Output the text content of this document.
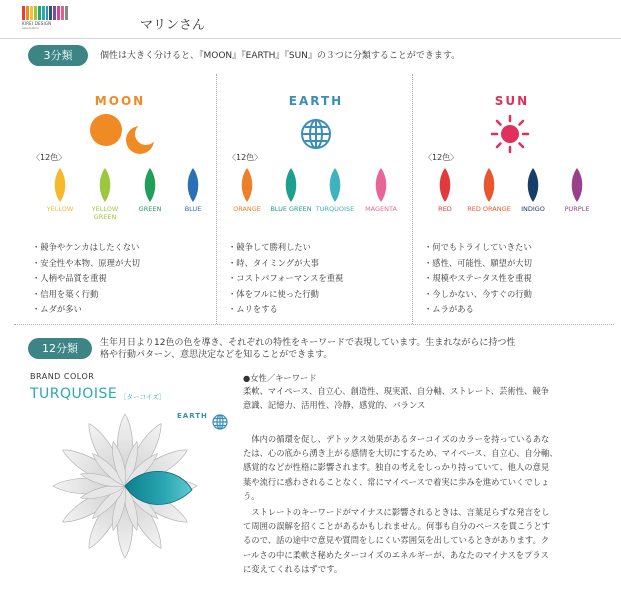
KIREI DESIGN
association	マリンさん
3分類	個性は大きく分けると、『MOON』『EARTH』『SUN』の３つに分類することができます。
MOON
〈12色〉
YELLOW	YELLOW GREEN
GREEN	BLUE
・競争やケンカはしたくない
・安全性や本物、原理が大切
・人柄や品質を重視
・信用を築く行動
・ムダが多い
EARTH
〈12色〉
ORANGE	BLUE GREEN TURQUOISE	MAGENTA
・競争して勝利したい
・時、タイミングが大事
・コストパフォーマンスを重視
・体をフルに使った行動
・ムリをする
SUN
〈12色〉
RED	RED ORANGE	INDIGO	PURPLE
・何でもトライしていきたい
・感性、可能性、願望が大切
・規模やステータス性を重視
・今しかない、今すぐの行動
・ムラがある
12分類	生年月日より12色の色を導き、それぞれの特性をキーワードで表現しています。生まれながらに持つ性
格や行動パターン、意思決定などを知ることができます。
BRAND COLOR
TURQUOISE ［ターコイズ］
EARTH
●女性／キーワード
柔軟、マイペース、自立心、創造性、現実派、自分軸、ストレート、芸術性、競争
意識、記憶力、活用性、冷静、感覚的、バランス
体内の循環を促し、デトックス効果があるターコイズのカラーを持っているあな
たは、心の底から湧き上がる感情を大切にするため、マイペース、自立心、自分軸、
感覚的などが性格に影響されます。独自の考えをしっかり持っていて、他人の意見
葉や流行に惑わされることなく、常にマイペースで着実に歩みを進めていくでしょ
う。
ストレートのキーワードがマイナスに影響されるときは、言葉足らずな発言をし
て周囲の誤解を招くことがあるかもしれません。何事も自分のペースを貫こうとす
るので、話の途中で意見や質問をしにくい雰囲気を出しているときがあります。ク
ールさの中に柔軟さ秘めたターコイズのエネルギーが、あなたのマイナスをプラス
に変えてくれるはずです。
